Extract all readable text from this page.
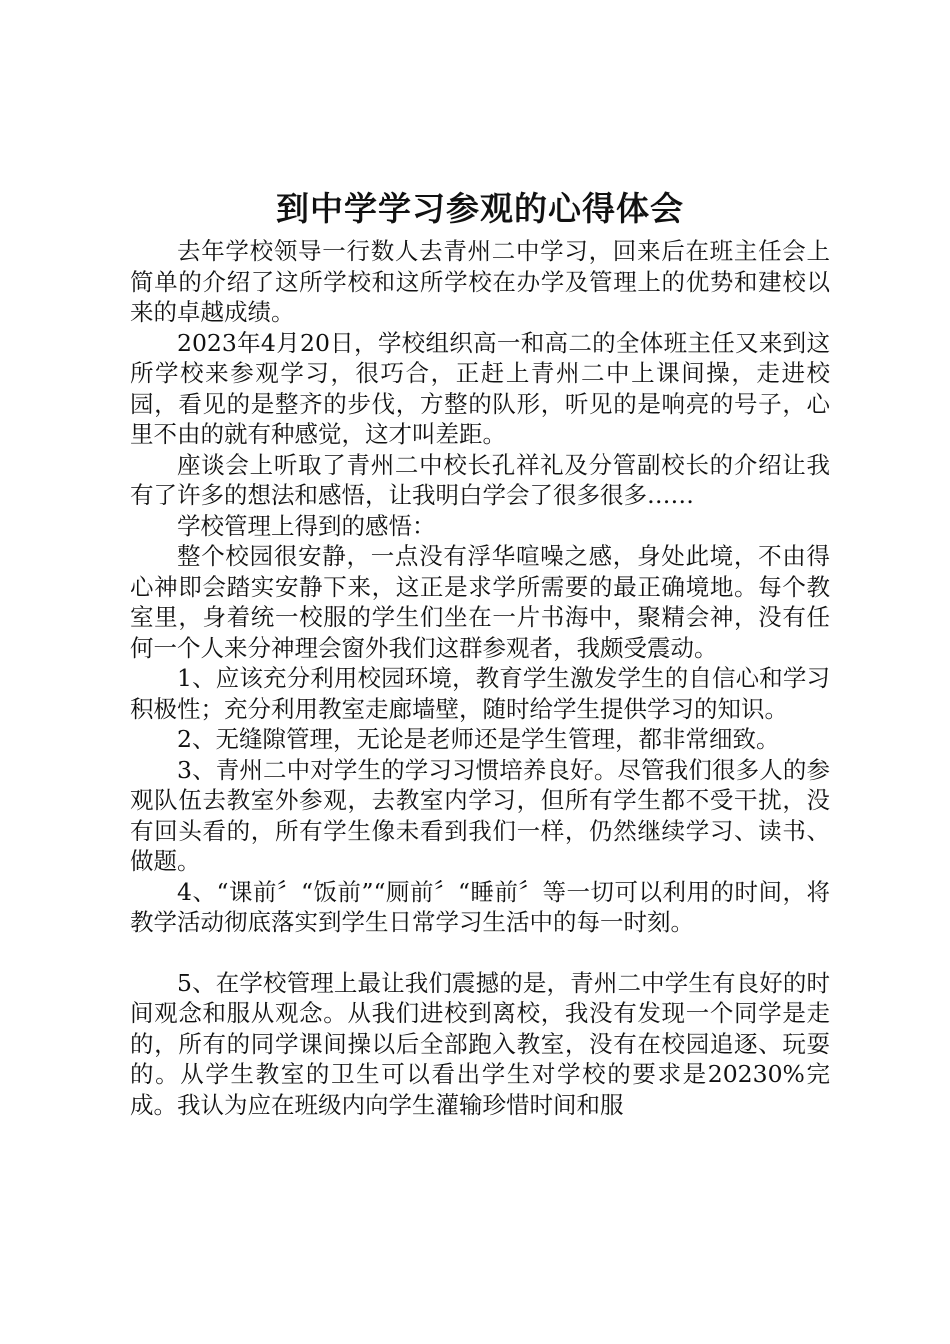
到中学学习参观的心得体会

去年学校领导一行数人去青州二中学习，回来后在班主任会上简单的介绍了这所学校和这所学校在办学及管理上的优势和建校以来的卓越成绩。

2023年4月20日，学校组织高一和高二的全体班主任又来到这所学校来参观学习，很巧合，正赶上青州二中上课间操，走进校园，看见的是整齐的步伐，方整的队形，听见的是响亮的号子，心里不由的就有种感觉，这才叫差距。

座谈会上听取了青州二中校长孔祥礼及分管副校长的介绍让我有了许多的想法和感悟，让我明白学会了很多很多……

学校管理上得到的感悟：

整个校园很安静，一点没有浮华喧噪之感，身处此境，不由得心神即会踏实安静下来，这正是求学所需要的最正确境地。每个教室里，身着统一校服的学生们坐在一片书海中，聚精会神，没有任何一个人来分神理会窗外我们这群参观者，我颇受震动。

1、应该充分利用校园环境，教育学生激发学生的自信心和学习积极性；充分利用教室走廊墙壁，随时给学生提供学习的知识。

2、无缝隙管理，无论是老师还是学生管理，都非常细致。

3、青州二中对学生的学习习惯培养良好。尽管我们很多人的参观队伍去教室外参观，去教室内学习，但所有学生都不受干扰，没有回头看的，所有学生像未看到我们一样，仍然继续学习、读书、做题。

4、“课前〞“饭前”“厕前〞“睡前〞等一切可以利用的时间，将教学活动彻底落实到学生日常学习生活中的每一时刻。

5、在学校管理上最让我们震撼的是，青州二中学生有良好的时间观念和服从观念。从我们进校到离校，我没有发现一个同学是走的，所有的同学课间操以后全部跑入教室，没有在校园追逐、玩耍的。从学生教室的卫生可以看出学生对学校的要求是20230%完成。我认为应在班级内向学生灌输珍惜时间和服
